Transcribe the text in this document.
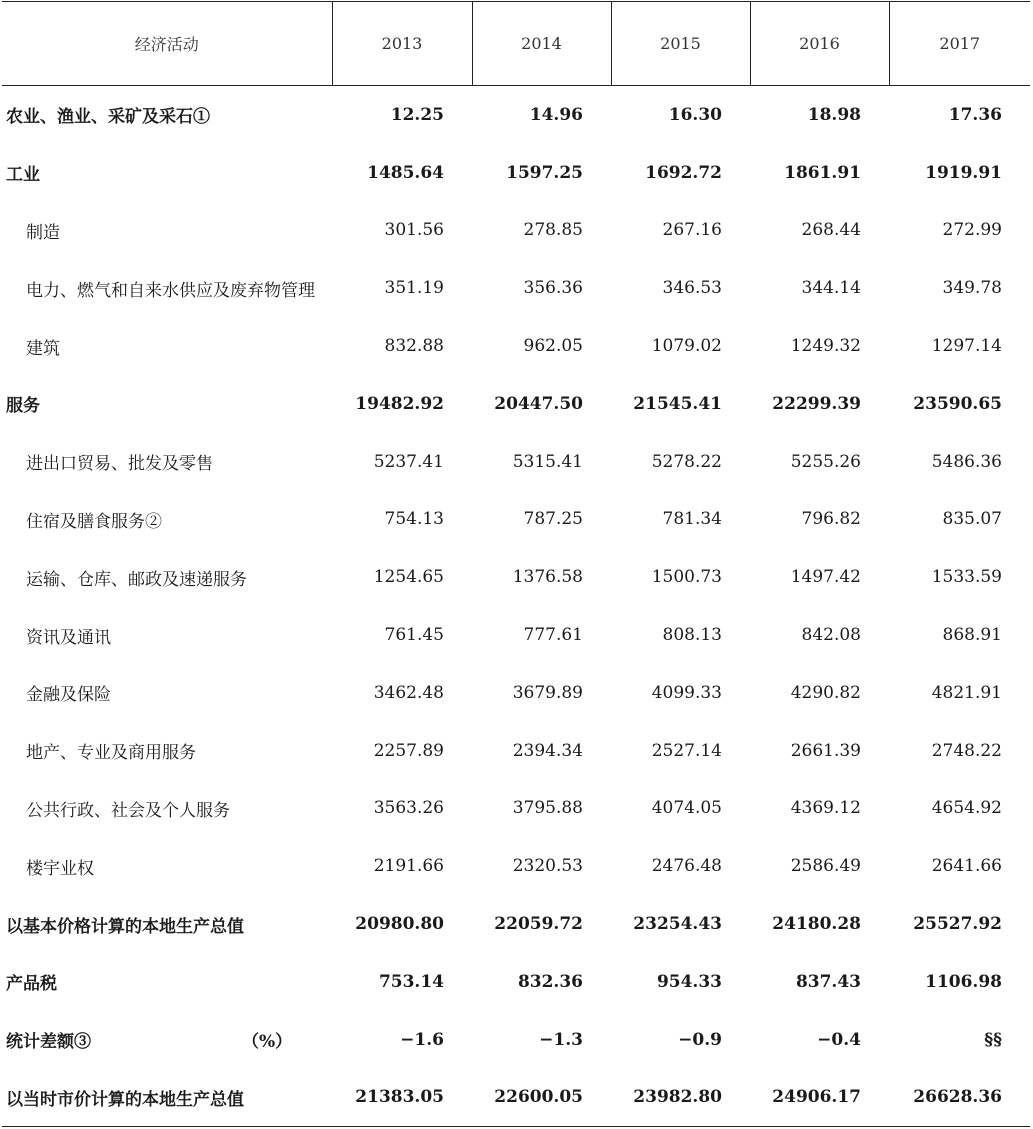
经济活动	2013	2014	2015	2016	2017

农业、渔业、采矿及采石①	12.25	14.96	16.30	18.98	17.36

工业	1485.64	1597.25	1692.72	1861.91	1919.91

制造	301.56	278.85	267.16	268.44	272.99

电力、燃气和自来水供应及废弃物管理	351.19	356.36	346.53	344.14	349.78

建筑	832.88	962.05	1079.02	1249.32	1297.14

服务	19482.92	20447.50	21545.41	22299.39	23590.65

进出口贸易、批发及零售	5237.41	5315.41	5278.22	5255.26	5486.36

住宿及膳食服务②	754.13	787.25	781.34	796.82	835.07

运输、仓库、邮政及速递服务	1254.65	1376.58	1500.73	1497.42	1533.59

资讯及通讯	761.45	777.61	808.13	842.08	868.91

金融及保险	3462.48	3679.89	4099.33	4290.82	4821.91

地产、专业及商用服务	2257.89	2394.34	2527.14	2661.39	2748.22

公共行政、社会及个人服务	3563.26	3795.88	4074.05	4369.12	4654.92

楼宇业权	2191.66	2320.53	2476.48	2586.49	2641.66

以基本价格计算的本地生产总值	20980.80	22059.72	23254.43	24180.28	25527.92

产品税	753.14	832.36	954.33	837.43	1106.98

统计差额③ （%）	−1.6	−1.3	−0.9	−0.4	§§

以当时市价计算的本地生产总值	21383.05	22600.05	23982.80	24906.17	26628.36
